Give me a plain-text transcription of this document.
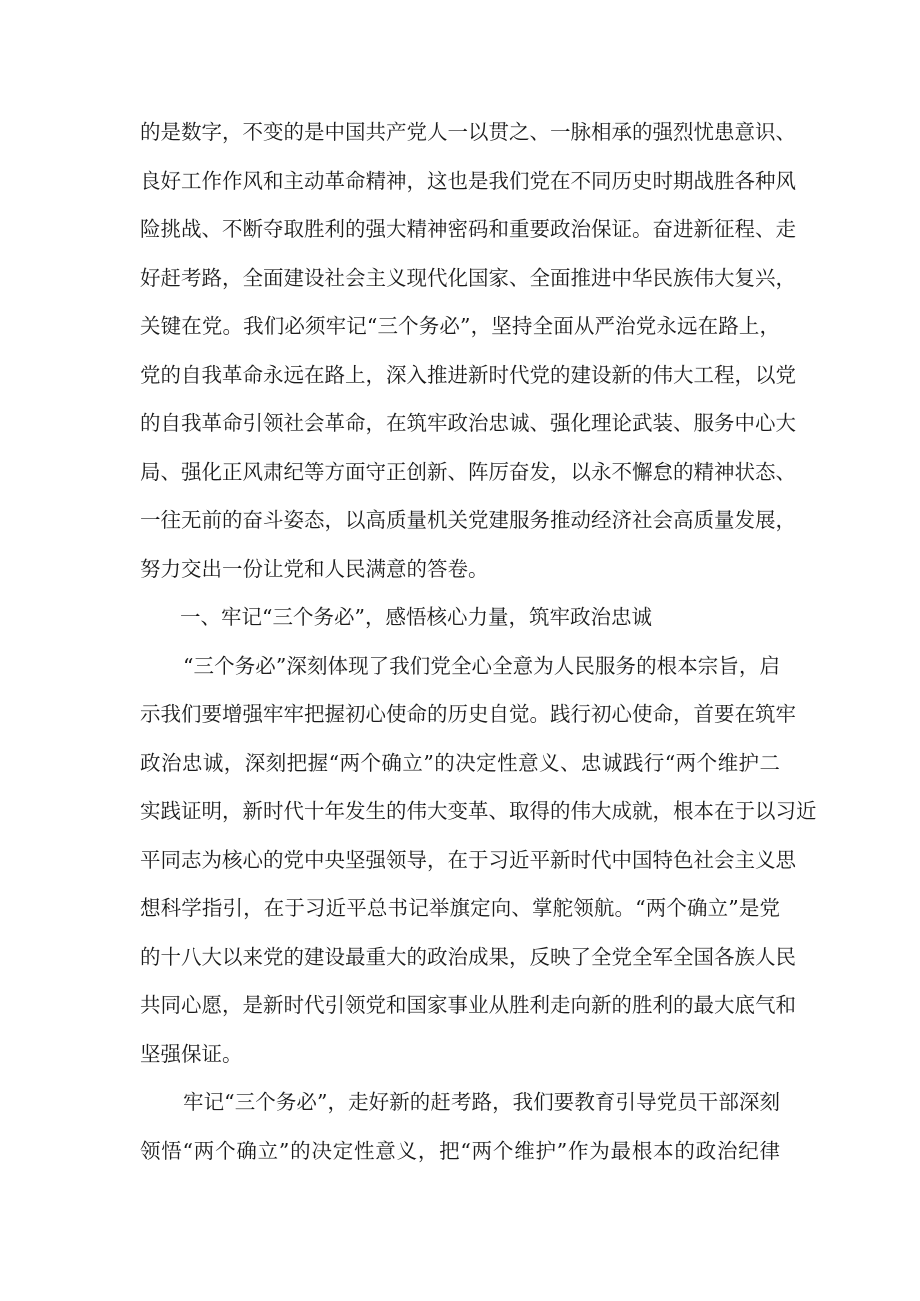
的是数字，不变的是中国共产党人一以贯之、一脉相承的强烈忧患意识、
良好工作作风和主动革命精神，这也是我们党在不同历史时期战胜各种风
险挑战、不断夺取胜利的强大精神密码和重要政治保证。奋进新征程、走
好赶考路，全面建设社会主义现代化国家、全面推进中华民族伟大复兴，
关键在党。我们必须牢记“三个务必”，坚持全面从严治党永远在路上，
党的自我革命永远在路上，深入推进新时代党的建设新的伟大工程，以党
的自我革命引领社会革命，在筑牢政治忠诚、强化理论武装、服务中心大
局、强化正风肃纪等方面守正创新、阵厉奋发，以永不懈怠的精神状态、
一往无前的奋斗姿态，以高质量机关党建服务推动经济社会高质量发展，
努力交出一份让党和人民满意的答卷。
一、牢记“三个务必”，感悟核心力量，筑牢政治忠诚
“三个务必”深刻体现了我们党全心全意为人民服务的根本宗旨，启
示我们要增强牢牢把握初心使命的历史自觉。践行初心使命，首要在筑牢
政治忠诚，深刻把握“两个确立”的决定性意义、忠诚践行“两个维护二
实践证明，新时代十年发生的伟大变革、取得的伟大成就，根本在于以习近
平同志为核心的党中央坚强领导，在于习近平新时代中国特色社会主义思
想科学指引，在于习近平总书记举旗定向、掌舵领航。“两个确立”是党
的十八大以来党的建设最重大的政治成果，反映了全党全军全国各族人民
共同心愿，是新时代引领党和国家事业从胜利走向新的胜利的最大底气和
坚强保证。
牢记“三个务必”，走好新的赶考路，我们要教育引导党员干部深刻
领悟“两个确立”的决定性意义，把“两个维护”作为最根本的政治纪律
